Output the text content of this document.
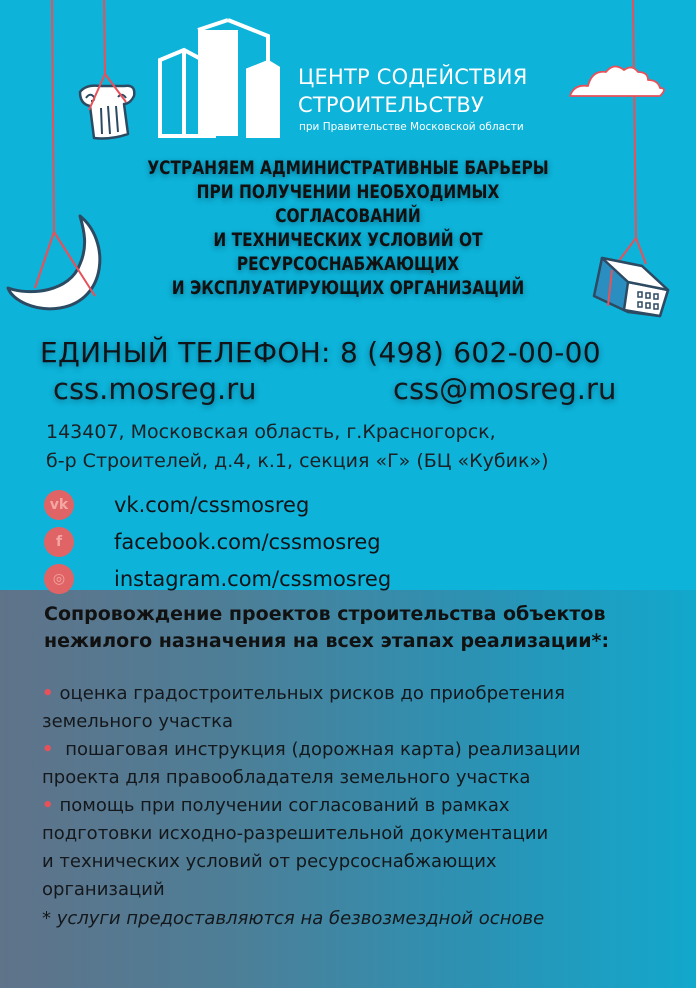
ЦЕНТР СОДЕЙСТВИЯ
СТРОИТЕЛЬСТВУ
при Правительстве Московской области
УСТРАНЯЕМ АДМИНИСТРАТИВНЫЕ БАРЬЕРЫ
ПРИ ПОЛУЧЕНИИ НЕОБХОДИМЫХ
СОГЛАСОВАНИЙ
И ТЕХНИЧЕСКИХ УСЛОВИЙ ОТ
РЕСУРСОСНАБЖАЮЩИХ
И ЭКСПЛУАТИРУЮЩИХ ОРГАНИЗАЦИЙ
ЕДИНЫЙ ТЕЛЕФОН: 8 (498) 602-00-00
css.mosreg.ru	css@mosreg.ru
143407, Московская область, г.Красногорск,
б-р Строителей, д.4, к.1, секция «Г» (БЦ «Кубик»)
vk vk.com/cssmosreg
f	facebook.com/cssmosreg
◎	instagram.com/cssmosreg
Сопровождение проектов строительства объектов
нежилого назначения на всех этапах реализации*:
• оценка градостроительных рисков до приобретения
земельного участка
• пошаговая инструкция (дорожная карта) реализации
проекта для правообладателя земельного участка
• помощь при получении согласований в рамках
подготовки исходно-разрешительной документации
и технических условий от ресурсоснабжающих
организаций
* услуги предоставляются на безвозмездной основе
